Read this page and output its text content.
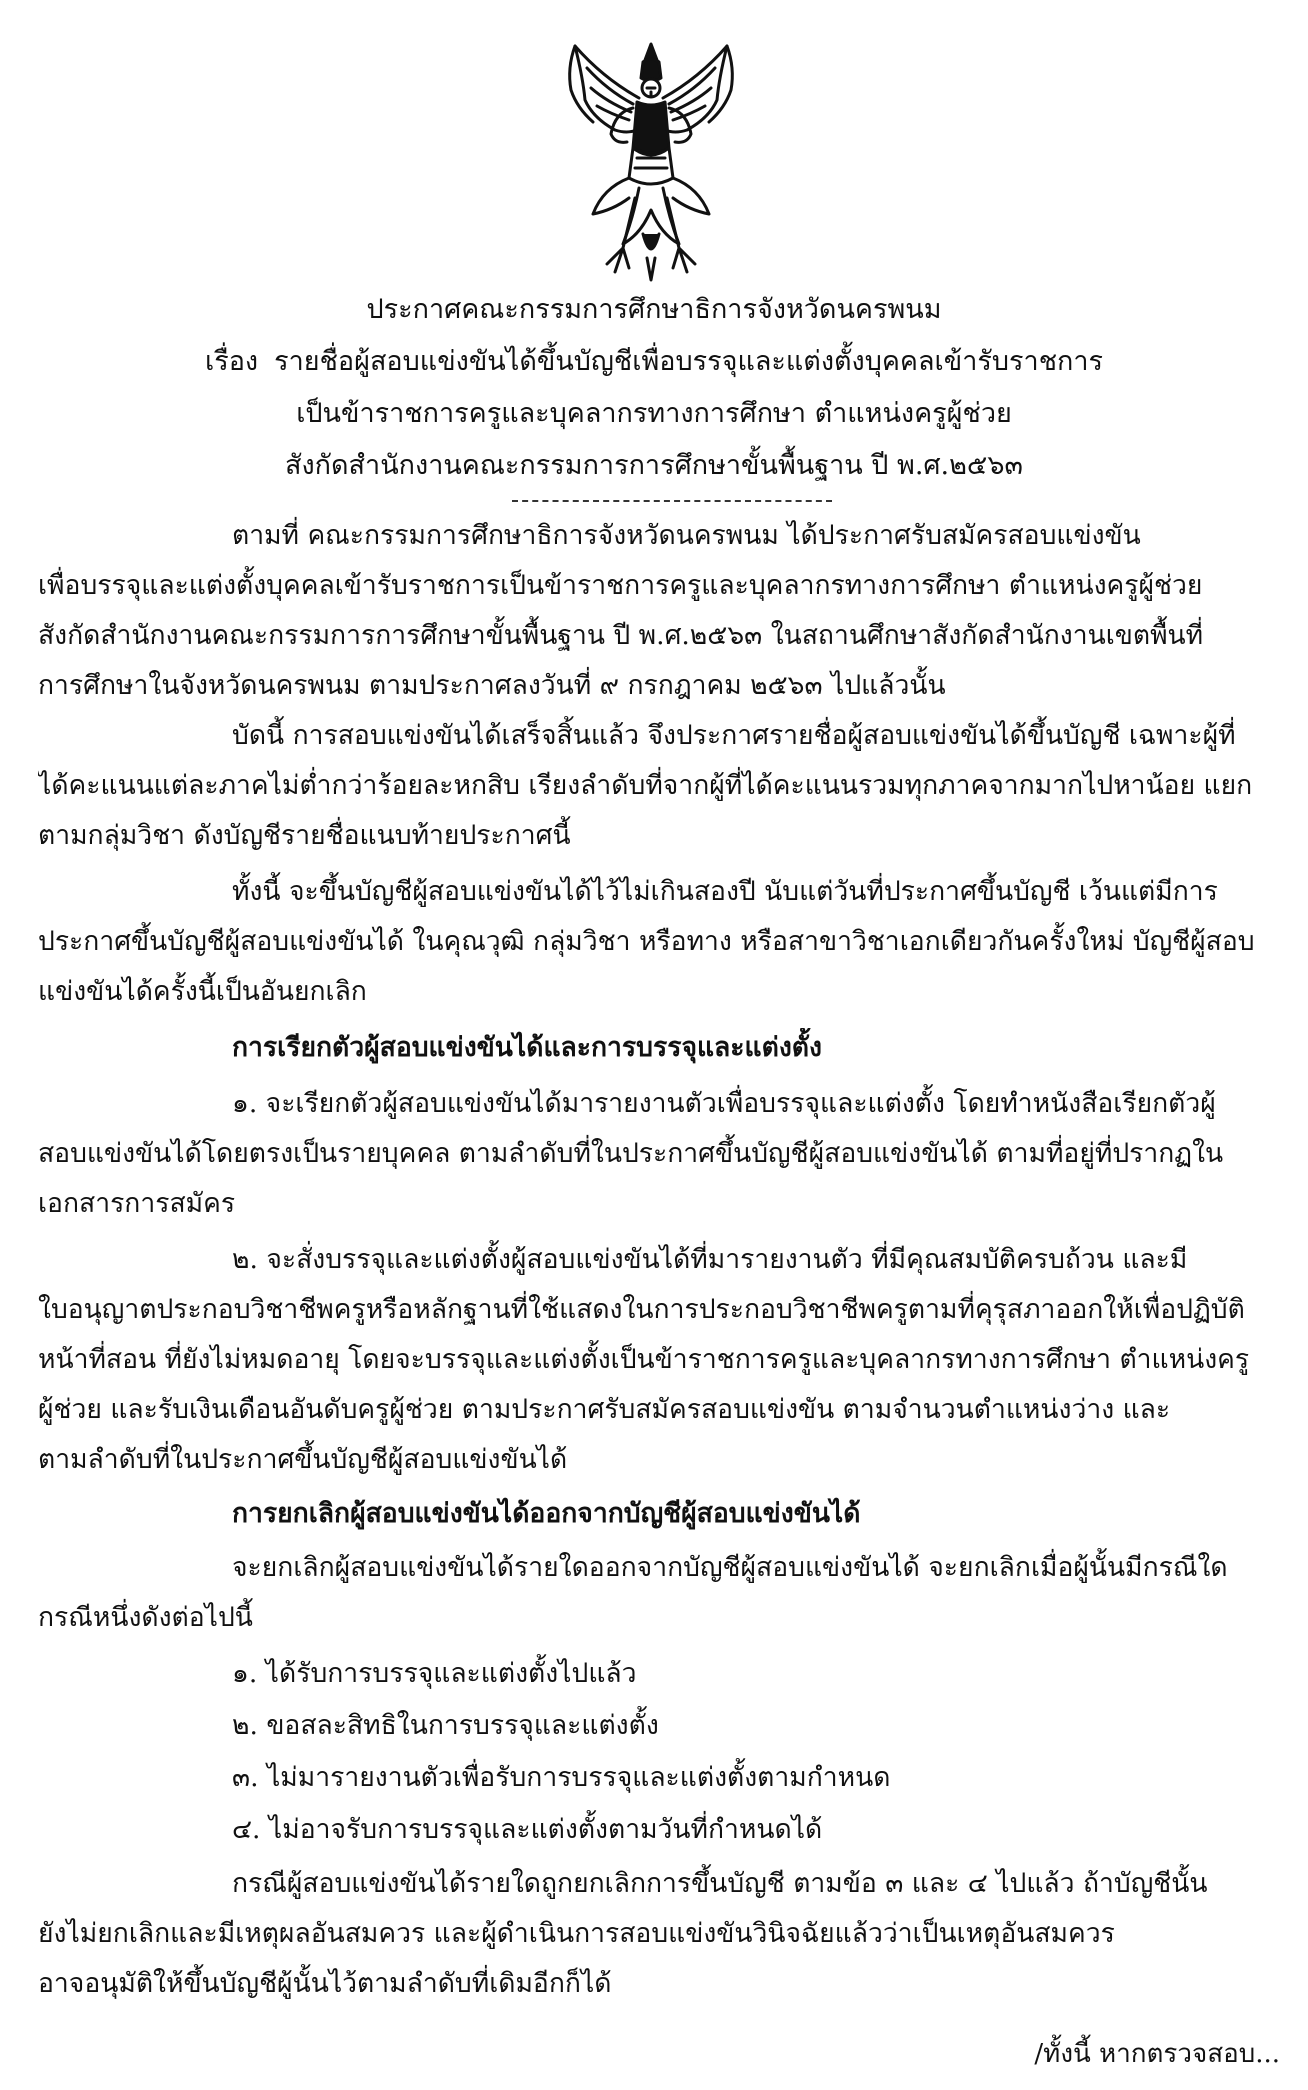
ประกาศคณะกรรมการศึกษาธิการจังหวัดนครพนม
เรื่อง รายชื่อผู้สอบแข่งขันได้ขึ้นบัญชีเพื่อบรรจุและแต่งตั้งบุคคลเข้ารับราชการ
เป็นข้าราชการครูและบุคลากรทางการศึกษา ตำแหน่งครูผู้ช่วย
สังกัดสำนักงานคณะกรรมการการศึกษาขั้นพื้นฐาน ปี พ.ศ.๒๕๖๓
ตามที่ คณะกรรมการศึกษาธิการจังหวัดนครพนม ได้ประกาศรับสมัครสอบแข่งขัน
เพื่อบรรจุและแต่งตั้งบุคคลเข้ารับราชการเป็นข้าราชการครูและบุคลากรทางการศึกษา ตำแหน่งครูผู้ช่วย
สังกัดสำนักงานคณะกรรมการการศึกษาขั้นพื้นฐาน ปี พ.ศ.๒๕๖๓ ในสถานศึกษาสังกัดสำนักงานเขตพื้นที่
การศึกษาในจังหวัดนครพนม ตามประกาศลงวันที่ ๙ กรกฎาคม ๒๕๖๓ ไปแล้วนั้น
บัดนี้ การสอบแข่งขันได้เสร็จสิ้นแล้ว จึงประกาศรายชื่อผู้สอบแข่งขันได้ขึ้นบัญชี เฉพาะผู้ที่
ได้คะแนนแต่ละภาคไม่ต่ำกว่าร้อยละหกสิบ เรียงลำดับที่จากผู้ที่ได้คะแนนรวมทุกภาคจากมากไปหาน้อย แยก
ตามกลุ่มวิชา ดังบัญชีรายชื่อแนบท้ายประกาศนี้
ทั้งนี้ จะขึ้นบัญชีผู้สอบแข่งขันได้ไว้ไม่เกินสองปี นับแต่วันที่ประกาศขึ้นบัญชี เว้นแต่มีการ
ประกาศขึ้นบัญชีผู้สอบแข่งขันได้ ในคุณวุฒิ กลุ่มวิชา หรือทาง หรือสาขาวิชาเอกเดียวกันครั้งใหม่ บัญชีผู้สอบ
แข่งขันได้ครั้งนี้เป็นอันยกเลิก
การเรียกตัวผู้สอบแข่งขันได้และการบรรจุและแต่งตั้ง
๑. จะเรียกตัวผู้สอบแข่งขันได้มารายงานตัวเพื่อบรรจุและแต่งตั้ง โดยทำหนังสือเรียกตัวผู้
สอบแข่งขันได้โดยตรงเป็นรายบุคคล ตามลำดับที่ในประกาศขึ้นบัญชีผู้สอบแข่งขันได้ ตามที่อยู่ที่ปรากฏใน
เอกสารการสมัคร
๒. จะสั่งบรรจุและแต่งตั้งผู้สอบแข่งขันได้ที่มารายงานตัว ที่มีคุณสมบัติครบถ้วน และมี
ใบอนุญาตประกอบวิชาชีพครูหรือหลักฐานที่ใช้แสดงในการประกอบวิชาชีพครูตามที่คุรุสภาออกให้เพื่อปฏิบัติ
หน้าที่สอน ที่ยังไม่หมดอายุ โดยจะบรรจุและแต่งตั้งเป็นข้าราชการครูและบุคลากรทางการศึกษา ตำแหน่งครู
ผู้ช่วย และรับเงินเดือนอันดับครูผู้ช่วย ตามประกาศรับสมัครสอบแข่งขัน ตามจำนวนตำแหน่งว่าง และ
ตามลำดับที่ในประกาศขึ้นบัญชีผู้สอบแข่งขันได้
การยกเลิกผู้สอบแข่งขันได้ออกจากบัญชีผู้สอบแข่งขันได้
จะยกเลิกผู้สอบแข่งขันได้รายใดออกจากบัญชีผู้สอบแข่งขันได้ จะยกเลิกเมื่อผู้นั้นมีกรณีใด
กรณีหนึ่งดังต่อไปนี้
๑. ได้รับการบรรจุและแต่งตั้งไปแล้ว
๒. ขอสละสิทธิในการบรรจุและแต่งตั้ง
๓. ไม่มารายงานตัวเพื่อรับการบรรจุและแต่งตั้งตามกำหนด
๔. ไม่อาจรับการบรรจุและแต่งตั้งตามวันที่กำหนดได้
กรณีผู้สอบแข่งขันได้รายใดถูกยกเลิกการขึ้นบัญชี ตามข้อ ๓ และ ๔ ไปแล้ว ถ้าบัญชีนั้น
ยังไม่ยกเลิกและมีเหตุผลอันสมควร และผู้ดำเนินการสอบแข่งขันวินิจฉัยแล้วว่าเป็นเหตุอันสมควร
อาจอนุมัติให้ขึ้นบัญชีผู้นั้นไว้ตามลำดับที่เดิมอีกก็ได้
/ทั้งนี้ หากตรวจสอบ...
